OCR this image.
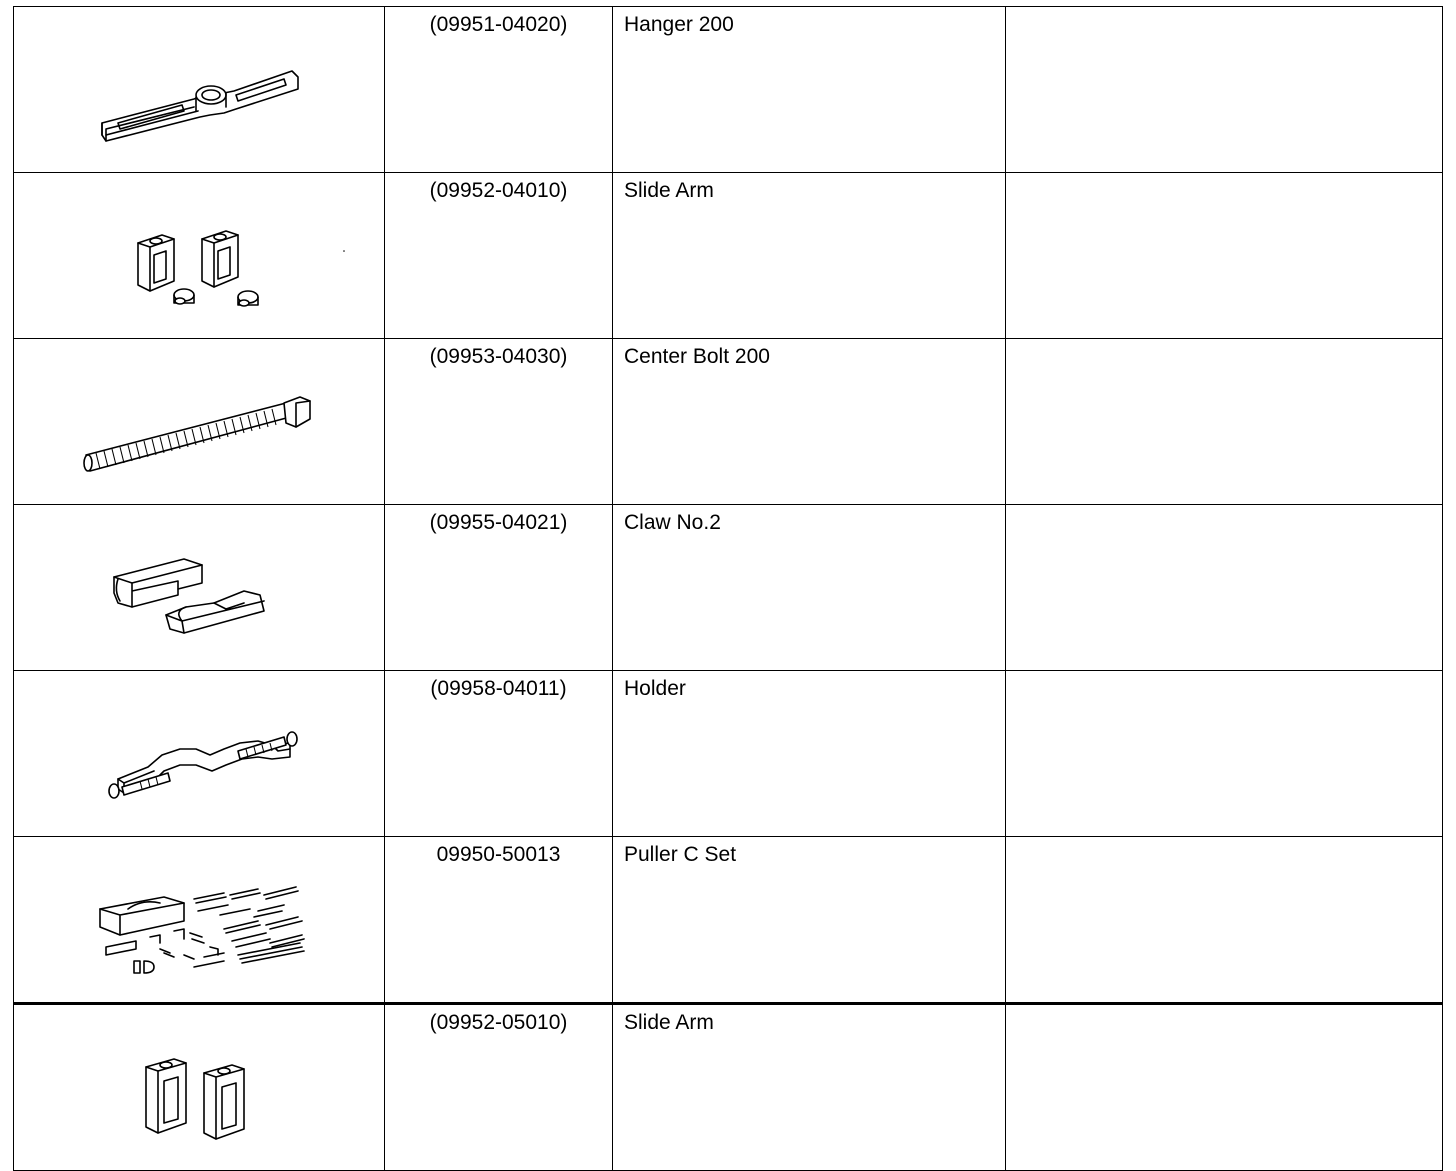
	(09951-04020)	Hanger 200	

	(09952-04010)	Slide Arm	

	(09953-04030)	Center Bolt 200	

	(09955-04021)	Claw No.2	

	(09958-04011)	Holder	

	09950-50013	Puller C Set	

	(09952-05010)	Slide Arm	
